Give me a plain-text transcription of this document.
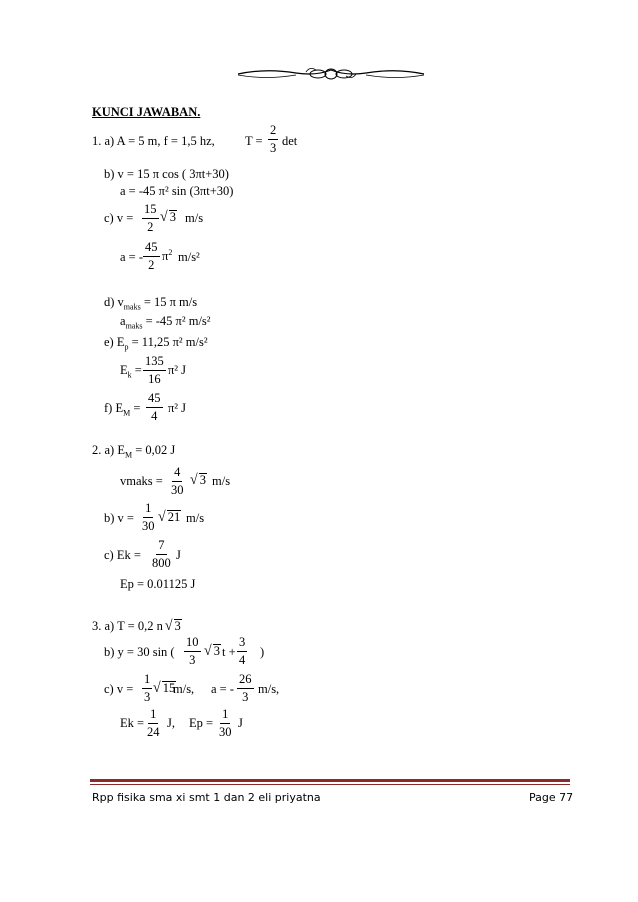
KUNCI JAWABAN.
1. a) A = 5 m, f = 1,5 hz, $T = \frac{2}{3}$ det
b) v = 15 π cos ( 3πt+30)
a = -45 π² sin (3πt+30)
c) $v = \frac{15}{2}$ √ 3 m/s
a = - $\frac{45}{2} \pi^2$ m/s²
d) $v_{maks} = 15$ π m/s
$a_{maks} = -45$ π² m/s²
e) $E_p = 11,25$ π² m/s²
$E_k = \frac{135}{16} \pi^2$ J
f) $E_M = \frac{45}{4} \pi^2$ J
2. a) $E_M = 0,02$ J
vmaks = $\frac{4}{30}$ √ 3 m/s
b) $v = \frac{1}{30}$ √ 21 m/s
c) $Ek = \frac{7}{800}$ J
Ep = 0.01125 J
3. a) T = 0,2 n √ 3
b) y = 30 sin ( $\frac{10}{3}$ √ 3 $t + \frac{3}{4}$ )
c) $v = \frac{1}{3}$ √ 15
m/s, a = - $\frac{26}{3} m/s$,
$Ek = \frac{1}{24} J$, $Ep = \frac{1}{30}$ J
Rpp fisika sma xi smt 1 dan 2 eli priyatna	Page 77
